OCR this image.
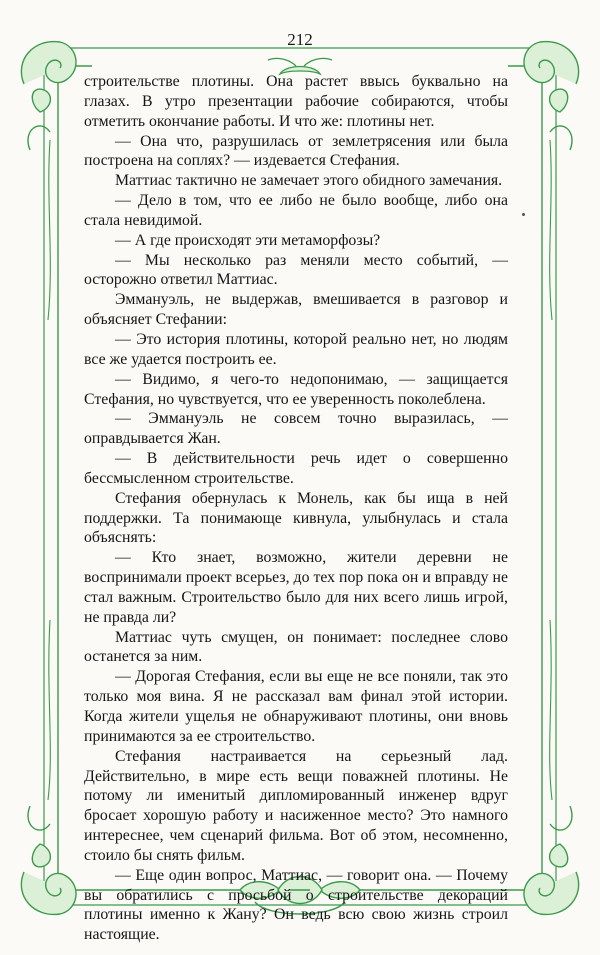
212

строительстве плотины. Она растет ввысь буквально на глазах. В утро презентации рабочие собираются, чтобы отметить окончание работы. И что же: плотины нет.

— Она что, разрушилась от землетрясения или была построена на соплях? — издевается Стефания.

Маттиас тактично не замечает этого обидного замечания.

— Дело в том, что ее либо не было вообще, либо она стала невидимой.

— А где происходят эти метаморфозы?

— Мы несколько раз меняли место событий, — осторожно ответил Маттиас.

Эммануэль, не выдержав, вмешивается в разговор и объясняет Стефании:

— Это история плотины, которой реально нет, но людям все же удается построить ее.

— Видимо, я чего-то недопонимаю, — защищается Стефания, но чувствуется, что ее уверенность поколеблена.

— Эммануэль не совсем точно выразилась, — оправдывается Жан.

— В действительности речь идет о совершенно бессмысленном строительстве.

Стефания обернулась к Монель, как бы ища в ней поддержки. Та понимающе кивнула, улыбнулась и стала объяснять:

— Кто знает, возможно, жители деревни не воспринимали проект всерьез, до тех пор пока он и вправду не стал важным. Строительство было для них всего лишь игрой, не правда ли?

Маттиас чуть смущен, он понимает: последнее слово останется за ним.

— Дорогая Стефания, если вы еще не все поняли, так это только моя вина. Я не рассказал вам финал этой истории. Когда жители ущелья не обнаруживают плотины, они вновь принимаются за ее строительство.

Стефания настраивается на серьезный лад. Действительно, в мире есть вещи поважней плотины. Не потому ли именитый дипломированный инженер вдруг бросает хорошую работу и насиженное место? Это намного интереснее, чем сценарий фильма. Вот об этом, несомненно, стоило бы снять фильм.

— Еще один вопрос, Маттиас, — говорит она. — Почему вы обратились с просьбой о строительстве декораций плотины именно к Жану? Он ведь всю свою жизнь строил настоящие.
